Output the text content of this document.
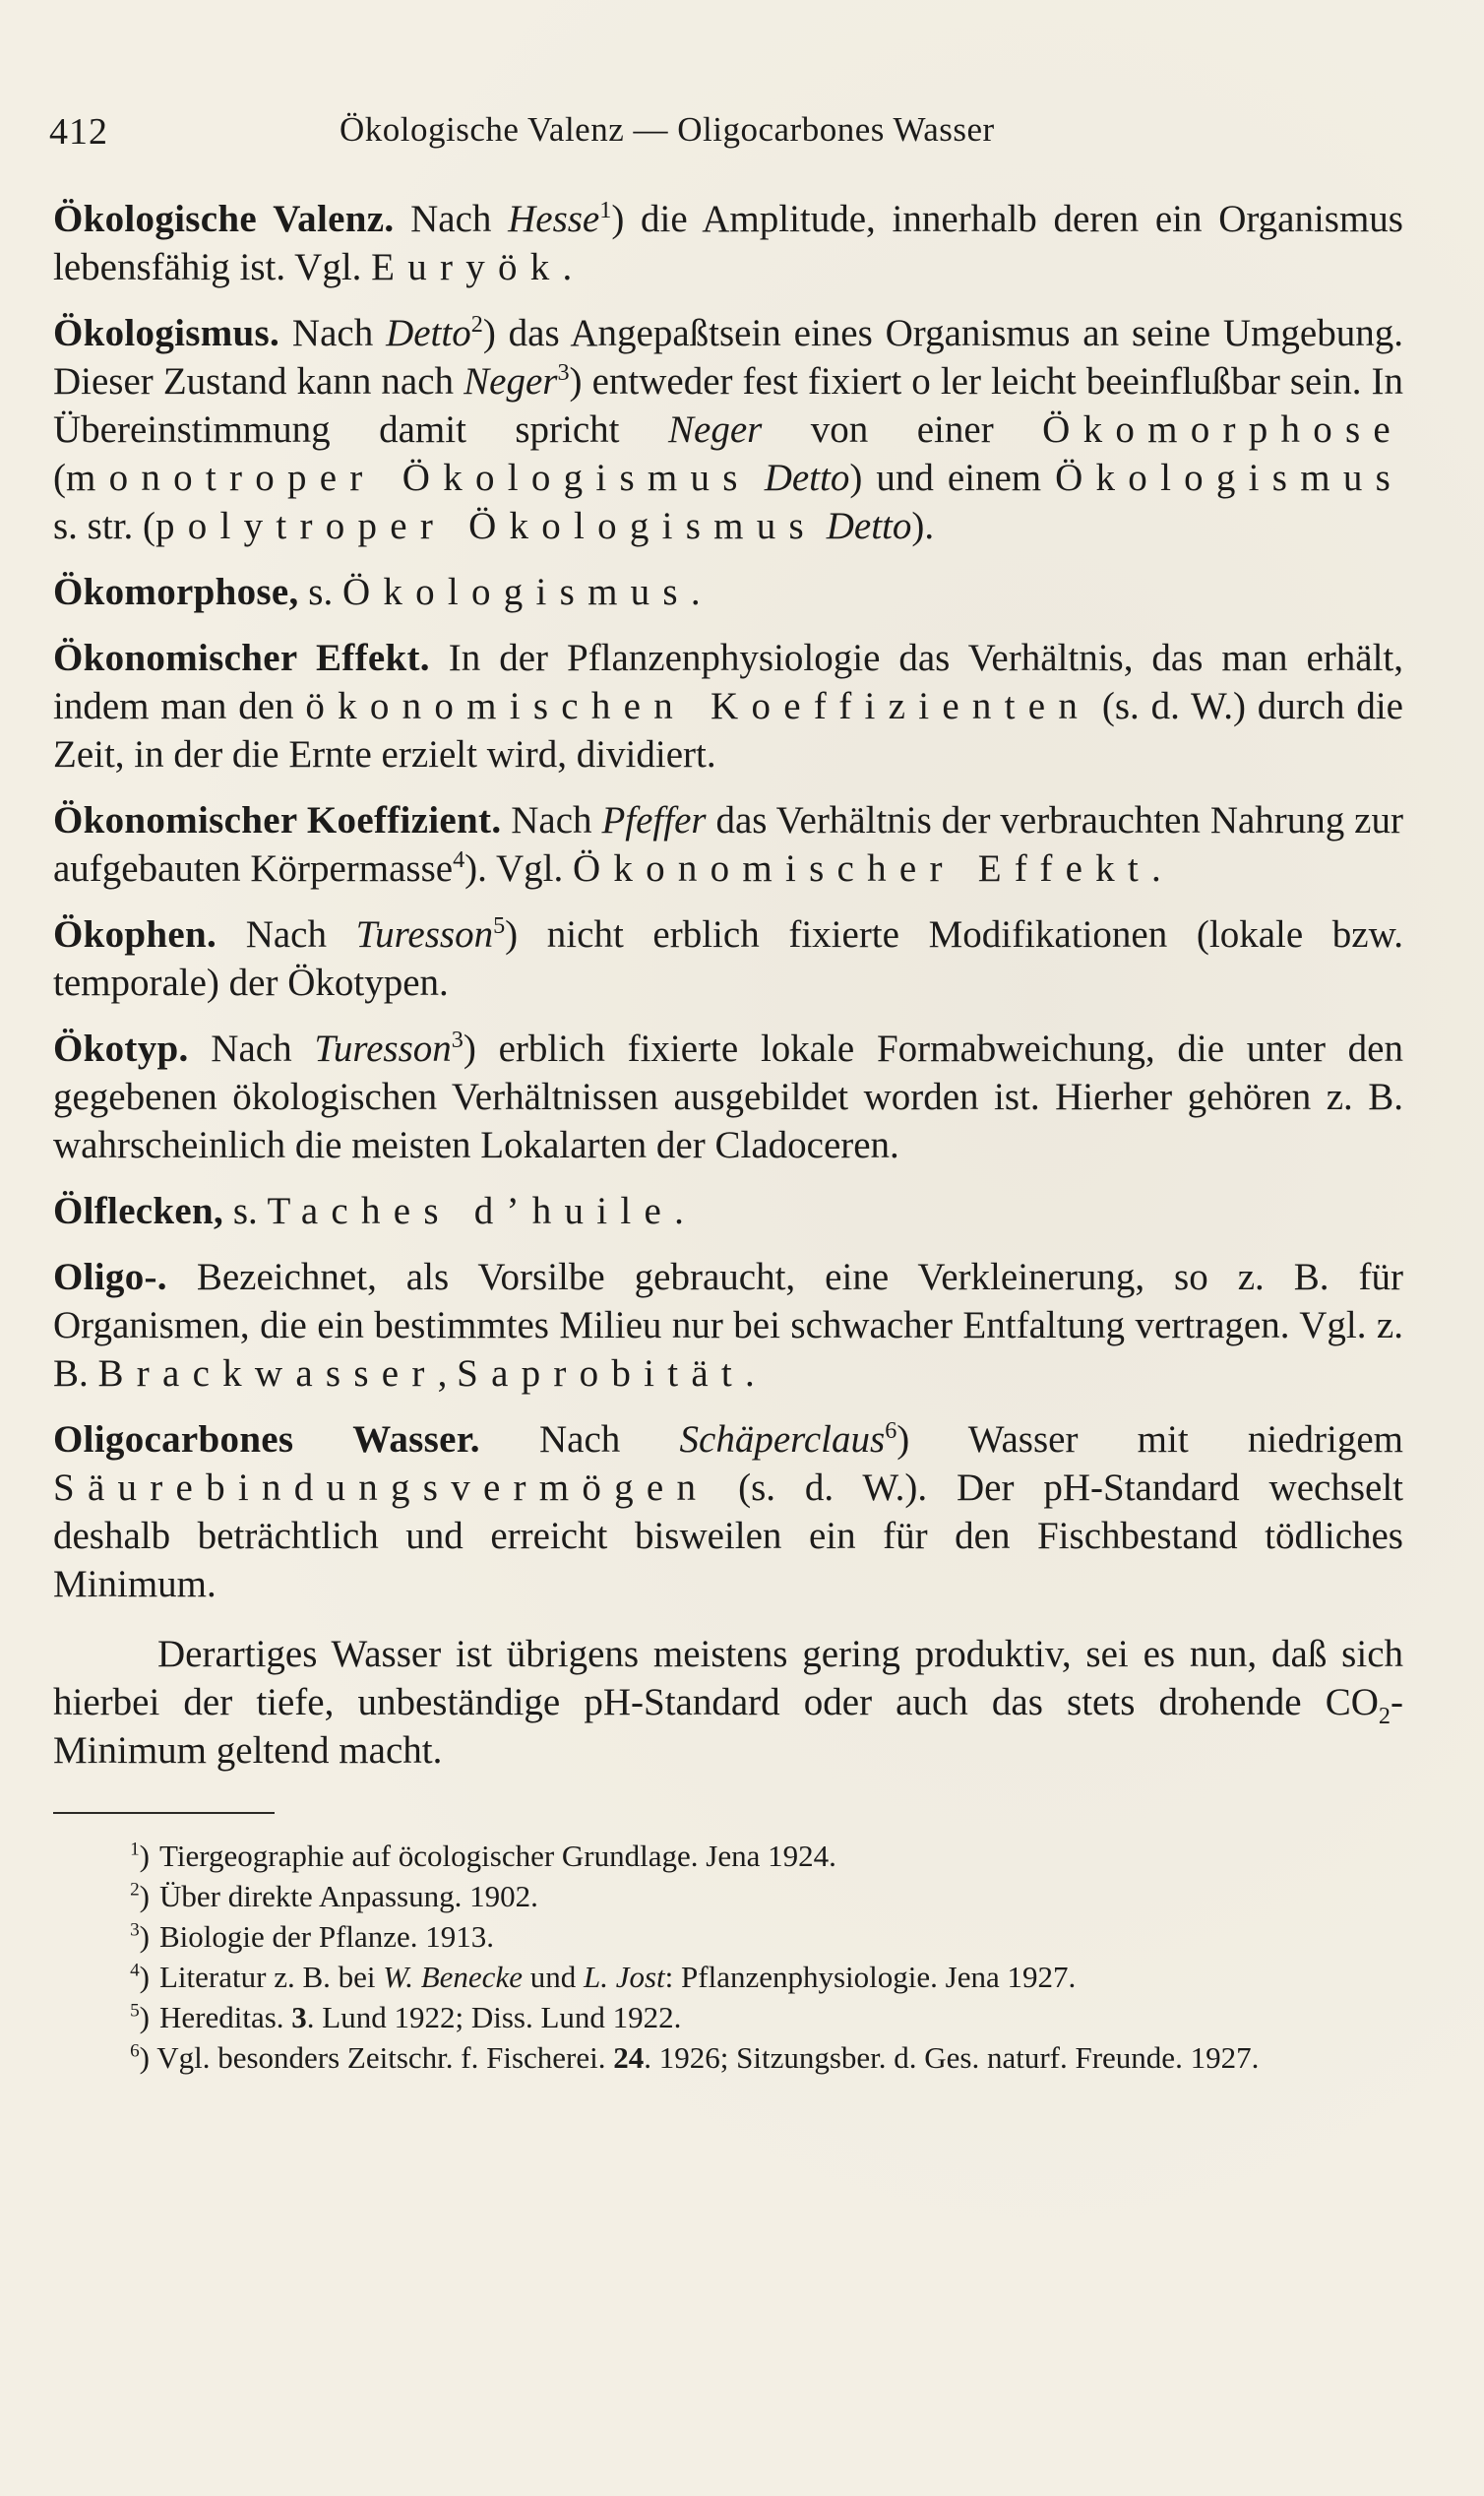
412	Ökologische Valenz — Oligocarbones Wasser

Ökologische Valenz. Nach Hesse$^1$) die Amplitude, innerhalb deren ein Organismus lebensfähig ist. Vgl. Euryök.

Ökologismus. Nach Detto$^2$) das Angepaßtsein eines Organismus an seine Umgebung. Dieser Zustand kann nach Neger$^3$) entweder fest fixiert o ler leicht beeinflußbar sein. In Übereinstimmung damit spricht Neger von einer Ökomorphose (monotroper Ökologismus Detto) und einem Ökologismus s. str. (polytroper Ökologismus Detto).

Ökomorphose, s. Ökologismus.

Ökonomischer Effekt. In der Pflanzenphysiologie das Verhältnis, das man erhält, indem man den ökonomischen Koeffizienten (s. d. W.) durch die Zeit, in der die Ernte erzielt wird, dividiert.

Ökonomischer Koeffizient. Nach Pfeffer das Verhältnis der verbrauchten Nahrung zur aufgebauten Körpermasse$^4$). Vgl. Ökonomischer Effekt.

Ökophen. Nach Turesson$^5$) nicht erblich fixierte Modifikationen (lokale bzw. temporale) der Ökotypen.

Ökotyp. Nach Turesson$^3$) erblich fixierte lokale Formabweichung, die unter den gegebenen ökologischen Verhältnissen ausgebildet worden ist. Hierher gehören z. B. wahrscheinlich die meisten Lokalarten der Cladoceren.

Ölflecken, s. Taches d’huile.

Oligo-. Bezeichnet, als Vorsilbe gebraucht, eine Verkleinerung, so z. B. für Organismen, die ein bestimmtes Milieu nur bei schwacher Entfaltung vertragen. Vgl. z. B. Brackwasser, Saprobität.

Oligocarbones Wasser. Nach Schäperclaus$^6$) Wasser mit niedrigem Säurebindungsvermögen (s. d. W.). Der pH-Standard wechselt deshalb beträchtlich und erreicht bisweilen ein für den Fischbestand tödliches Minimum.

Derartiges Wasser ist übrigens meistens gering produktiv, sei es nun, daß sich hierbei der tiefe, unbeständige pH-Standard oder auch das stets drohende $CO_2$-Minimum geltend macht.

$^1$) Tiergeographie auf öcologischer Grundlage. Jena 1924.
$^2$) Über direkte Anpassung. 1902.
$^3$) Biologie der Pflanze. 1913.
$^4$) Literatur z. B. bei W. Benecke und L. Jost: Pflanzenphysiologie. Jena 1927.
$^5$) Hereditas. 3. Lund 1922; Diss. Lund 1922.
$^6$) Vgl. besonders Zeitschr. f. Fischerei. 24. 1926; Sitzungsber. d. Ges. naturf. Freunde. 1927.
